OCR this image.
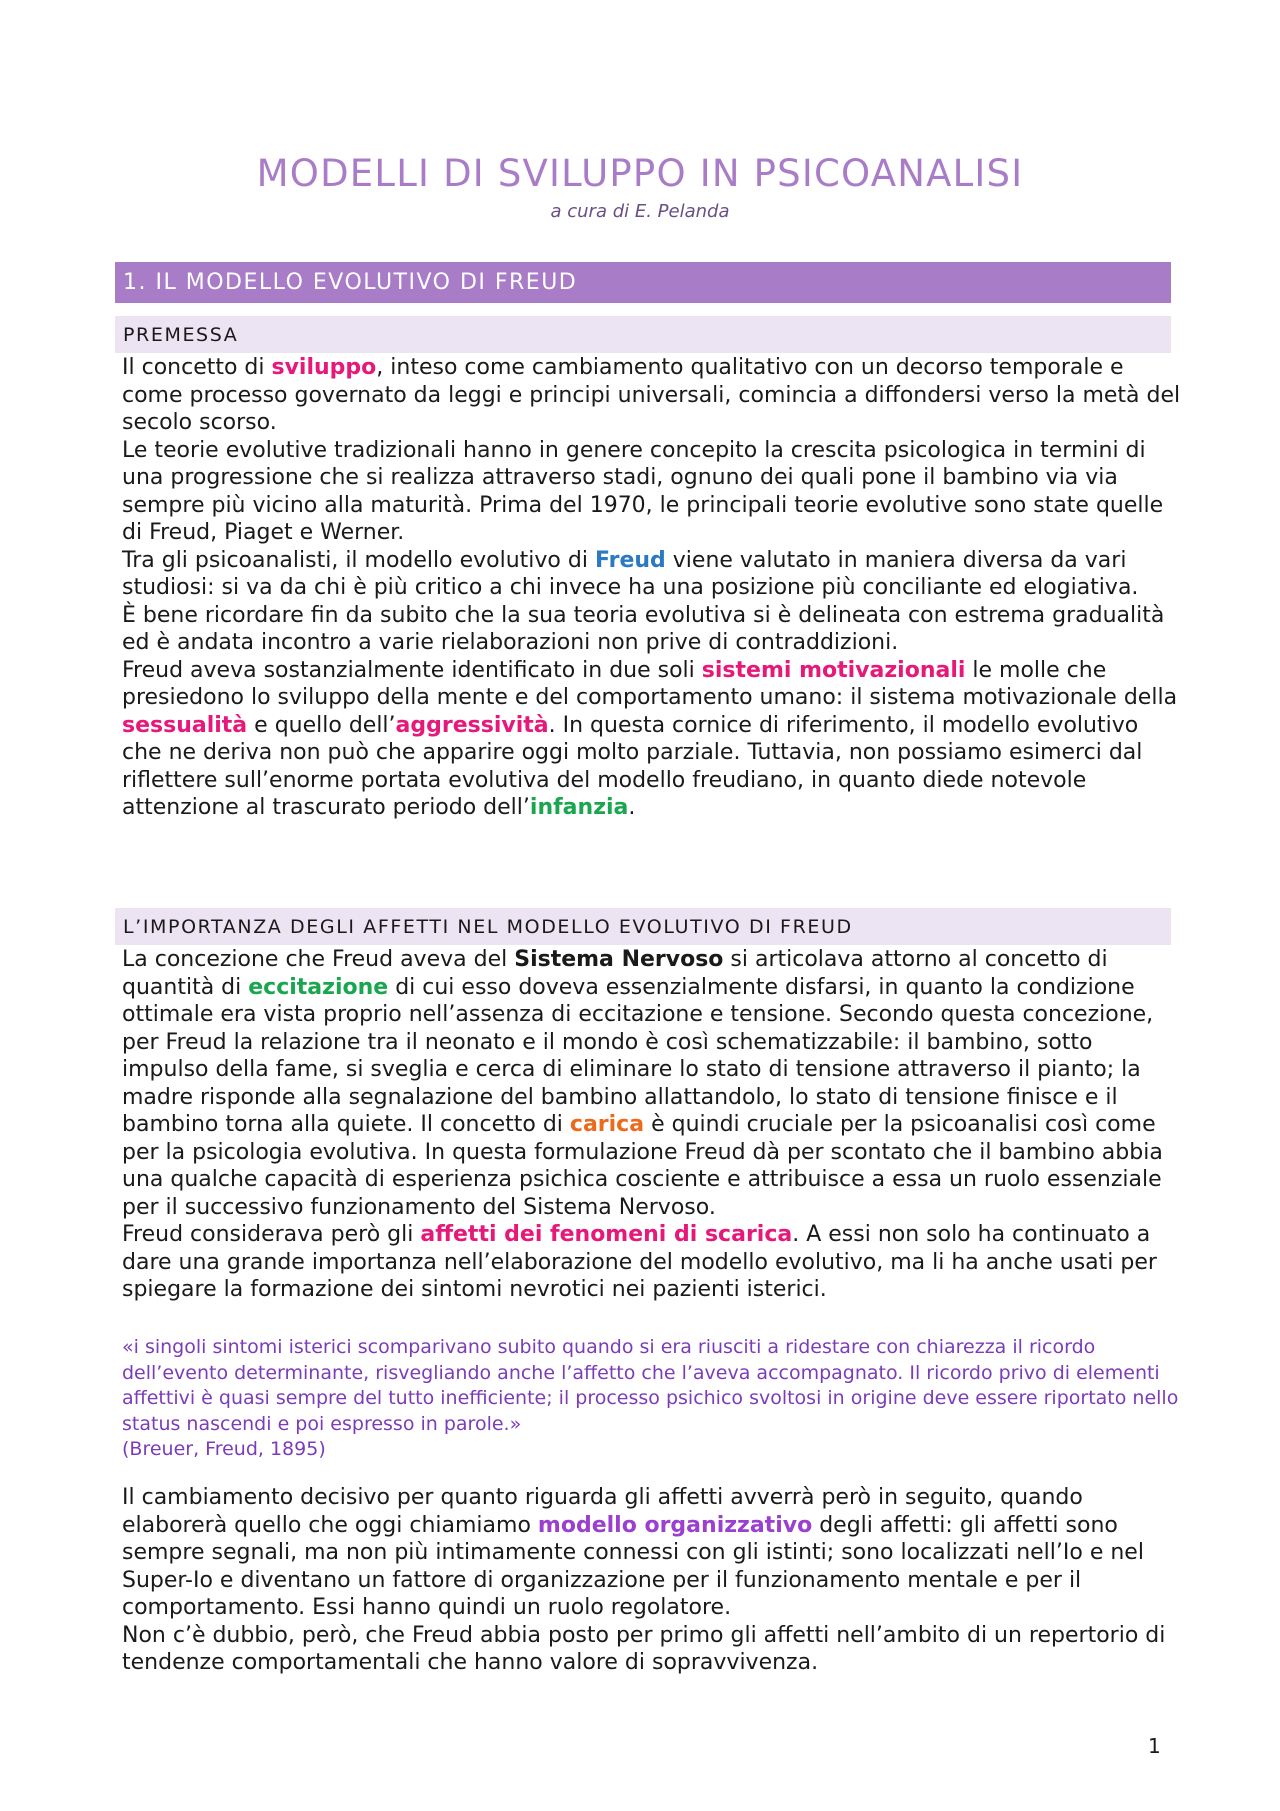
MODELLI DI SVILUPPO IN PSICOANALISI
a cura di E. Pelanda
1. IL MODELLO EVOLUTIVO DI FREUD
PREMESSA

Il concetto di sviluppo, inteso come cambiamento qualitativo con un decorso temporale e come processo governato da leggi e principi universali, comincia a diffondersi verso la metà del secolo scorso.

Le teorie evolutive tradizionali hanno in genere concepito la crescita psicologica in termini di una progressione che si realizza attraverso stadi, ognuno dei quali pone il bambino via via sempre più vicino alla maturità. Prima del 1970, le principali teorie evolutive sono state quelle di Freud, Piaget e Werner.

Tra gli psicoanalisti, il modello evolutivo di Freud viene valutato in maniera diversa da vari studiosi: si va da chi è più critico a chi invece ha una posizione più conciliante ed elogiativa.

È bene ricordare fin da subito che la sua teoria evolutiva si è delineata con estrema gradualità ed è andata incontro a varie rielaborazioni non prive di contraddizioni.

Freud aveva sostanzialmente identificato in due soli sistemi motivazionali le molle che presiedono lo sviluppo della mente e del comportamento umano: il sistema motivazionale della sessualità e quello dell’aggressività. In questa cornice di riferimento, il modello evolutivo che ne deriva non può che apparire oggi molto parziale. Tuttavia, non possiamo esimerci dal riflettere sull’enorme portata evolutiva del modello freudiano, in quanto diede notevole attenzione al trascurato periodo dell’infanzia.

L’IMPORTANZA DEGLI AFFETTI NEL MODELLO EVOLUTIVO DI FREUD

La concezione che Freud aveva del Sistema Nervoso si articolava attorno al concetto di quantità di eccitazione di cui esso doveva essenzialmente disfarsi, in quanto la condizione ottimale era vista proprio nell’assenza di eccitazione e tensione. Secondo questa concezione, per Freud la relazione tra il neonato e il mondo è così schematizzabile: il bambino, sotto impulso della fame, si sveglia e cerca di eliminare lo stato di tensione attraverso il pianto; la madre risponde alla segnalazione del bambino allattandolo, lo stato di tensione finisce e il bambino torna alla quiete. Il concetto di carica è quindi cruciale per la psicoanalisi così come per la psicologia evolutiva. In questa formulazione Freud dà per scontato che il bambino abbia una qualche capacità di esperienza psichica cosciente e attribuisce a essa un ruolo essenziale per il successivo funzionamento del Sistema Nervoso.

Freud considerava però gli affetti dei fenomeni di scarica. A essi non solo ha continuato a dare una grande importanza nell’elaborazione del modello evolutivo, ma li ha anche usati per spiegare la formazione dei sintomi nevrotici nei pazienti isterici.

«i singoli sintomi isterici scomparivano subito quando si era riusciti a ridestare con chiarezza il ricordo dell’evento determinante, risvegliando anche l’affetto che l’aveva accompagnato. Il ricordo privo di elementi affettivi è quasi sempre del tutto inefficiente; il processo psichico svoltosi in origine deve essere riportato nello status nascendi e poi espresso in parole.»
(Breuer, Freud, 1895)

Il cambiamento decisivo per quanto riguarda gli affetti avverrà però in seguito, quando elaborerà quello che oggi chiamiamo modello organizzativo degli affetti: gli affetti sono sempre segnali, ma non più intimamente connessi con gli istinti; sono localizzati nell’Io e nel Super-Io e diventano un fattore di organizzazione per il funzionamento mentale e per il comportamento. Essi hanno quindi un ruolo regolatore.

Non c’è dubbio, però, che Freud abbia posto per primo gli affetti nell’ambito di un repertorio di tendenze comportamentali che hanno valore di sopravvivenza.

1
